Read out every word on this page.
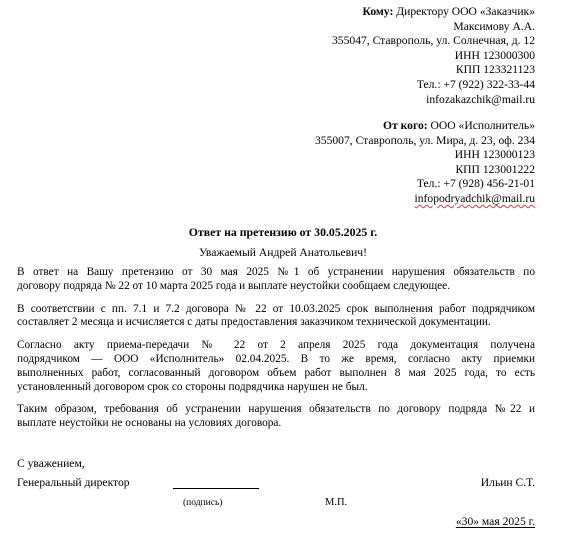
Кому: Директору ООО «Заказчик»
Максимову А.А.
355047, Ставрополь, ул. Солнечная, д. 12
ИНН 123000300
КПП 123321123
Тел.: +7 (922) 322-33-44
infozakazchik@mail.ru
От кого: ООО «Исполнитель»
355007, Ставрополь, ул. Мира, д. 23, оф. 234
ИНН 123000123
КПП 123001222
Тел.: +7 (928) 456-21-01
infopodryadchik@mail.ru
Ответ на претензию от 30.05.2025 г.
Уважаемый Андрей Анатольевич!

В ответ на Вашу претензию от 30 мая 2025 №1 об устранении нарушения обязательств по
договору подряда № 22 от 10 марта 2025 года и выплате неустойки сообщаем следующее.

В соответствии с пп. 7.1 и 7.2 договора № 22 от 10.03.2025 срок выполнения работ подрядчиком
составляет 2 месяца и исчисляется с даты предоставления заказчиком технической документации.

Согласно акту приема-передачи № 22 от 2 апреля 2025 года документация получена
подрядчиком — ООО «Исполнитель» 02.04.2025. В то же время, согласно акту приемки
выполненных работ, согласованный договором объем работ выполнен 8 мая 2025 года, то есть
установленный договором срок со стороны подрядчика нарушен не был.

Таким образом, требования об устранении нарушения обязательств по договору подряда №22 и
выплате неустойки не основаны на условиях договора.

С уважением,
Генеральный директор	Ильин С.Т.
(подпись)	М.П.
«30» мая 2025 г.
